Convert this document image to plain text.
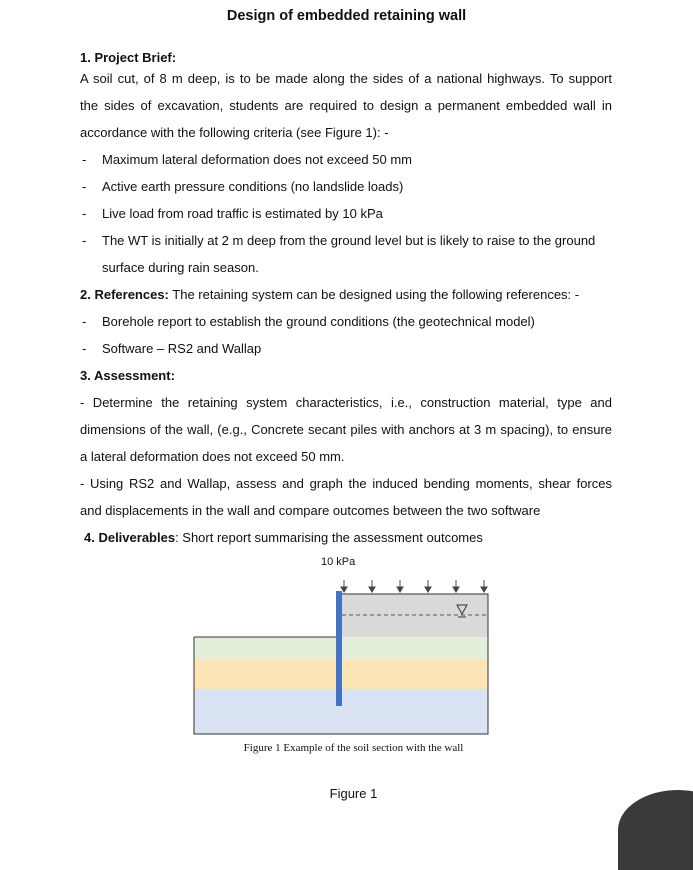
Design of embedded retaining wall
1. Project Brief:
A soil cut, of 8 m deep, is to be made along the sides of a national highways. To support
the sides of excavation, students are required to design a permanent embedded wall in
accordance with the following criteria (see Figure 1): -
- Maximum lateral deformation does not exceed 50 mm
- Active earth pressure conditions (no landslide loads)
- Live load from road traffic is estimated by 10 kPa
- The WT is initially at 2 m deep from the ground level but is likely to raise to the ground
surface during rain season.
2. References: The retaining system can be designed using the following references: -
- Borehole report to establish the ground conditions (the geotechnical model)
- Software – RS2 and Wallap
3. Assessment:
- Determine the retaining system characteristics, i.e., construction material, type and
dimensions of the wall, (e.g., Concrete secant piles with anchors at 3 m spacing), to ensure
a lateral deformation does not exceed 50 mm.
- Using RS2 and Wallap, assess and graph the induced bending moments, shear forces
and displacements in the wall and compare outcomes between the two software
4. Deliverables: Short report summarising the assessment outcomes
10 kPa
Figure 1 Example of the soil section with the wall
Figure 1
